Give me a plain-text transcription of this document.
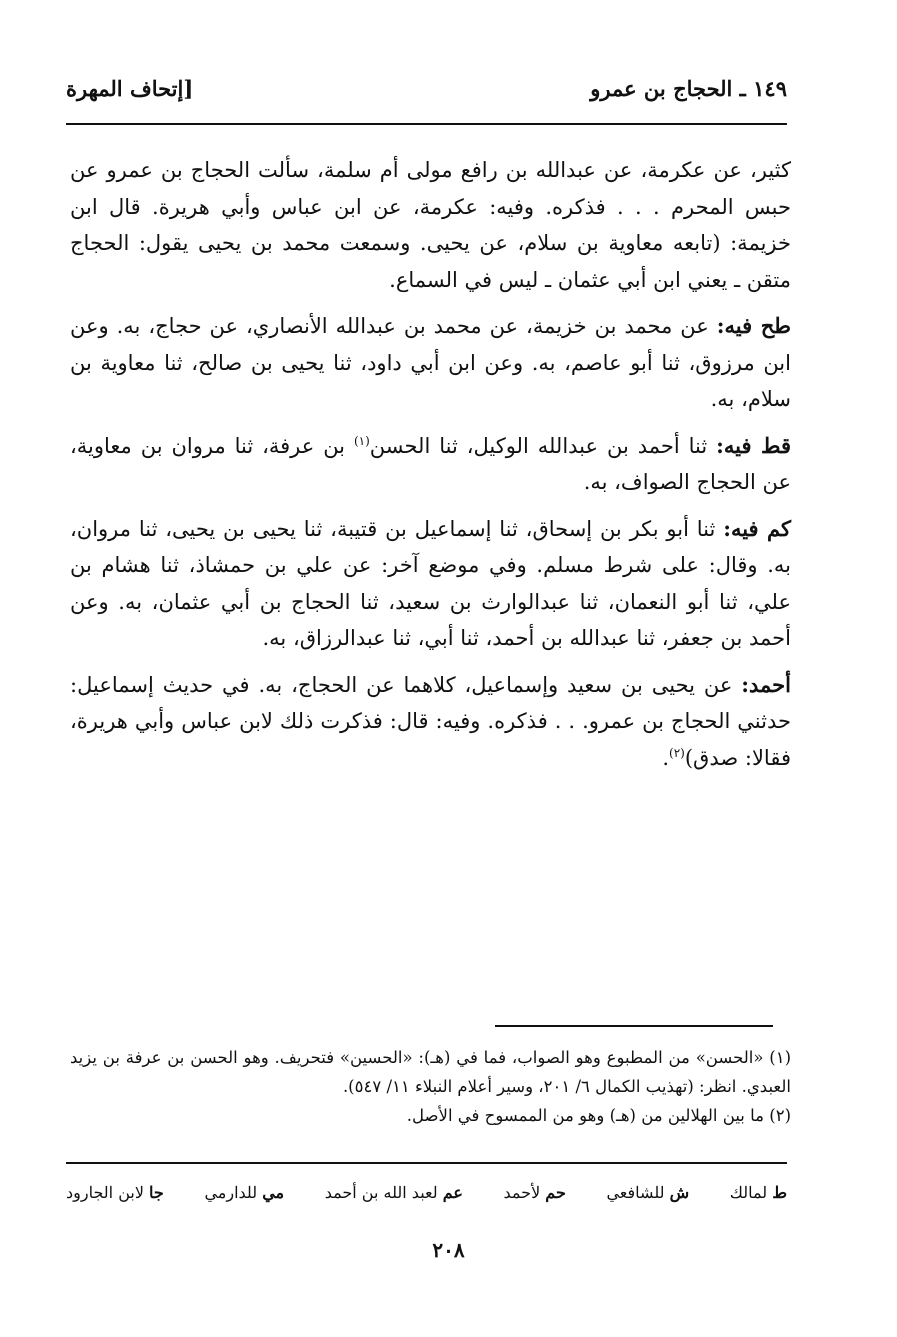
١٤٩ ـ الحجاج بن عمرو
[إتحاف المهرة

كثير، عن عكرمة، عن عبدالله بن رافع مولى أم سلمة، سألت الحجاج بن عمرو عن حبس المحرم . . . فذكره. وفيه: عكرمة، عن ابن عباس وأبي هريرة. قال ابن خزيمة: (تابعه معاوية بن سلام، عن يحيى. وسمعت محمد بن يحيى يقول: الحجاج متقن ـ يعني ابن أبي عثمان ـ ليس في السماع.

طح فيه: عن محمد بن خزيمة، عن محمد بن عبدالله الأنصاري، عن حجاج، به. وعن ابن مرزوق، ثنا أبو عاصم، به. وعن ابن أبي داود، ثنا يحيى بن صالح، ثنا معاوية بن سلام، به.

قط فيه: ثنا أحمد بن عبدالله الوكيل، ثنا الحسن$^{(١)}$ بن عرفة، ثنا مروان بن معاوية، عن الحجاج الصواف، به.

كم فيه: ثنا أبو بكر بن إسحاق، ثنا إسماعيل بن قتيبة، ثنا يحيى بن يحيى، ثنا مروان، به. وقال: على شرط مسلم. وفي موضع آخر: عن علي بن حمشاذ، ثنا هشام بن علي، ثنا أبو النعمان، ثنا عبدالوارث بن سعيد، ثنا الحجاج بن أبي عثمان، به. وعن أحمد بن جعفر، ثنا عبدالله بن أحمد، ثنا أبي، ثنا عبدالرزاق، به.

أحمد: عن يحيى بن سعيد وإسماعيل، كلاهما عن الحجاج، به. في حديث إسماعيل: حدثني الحجاج بن عمرو. . . فذكره. وفيه: قال: فذكرت ذلك لابن عباس وأبي هريرة، فقالا: صدق)$^{(٢)}$.

(١) «الحسن» من المطبوع وهو الصواب، فما في (هـ): «الحسين» فتحريف. وهو الحسن بن عرفة بن يزيد العبدي. انظر: (تهذيب الكمال ٦/ ٢٠١، وسير أعلام النبلاء ١١/ ٥٤٧).

(٢) ما بين الهلالين من (هـ) وهو من الممسوح في الأصل.

ط لمالك
ش للشافعي
حم لأحمد
عم لعبد الله بن أحمد
مي للدارمي
جا لابن الجارود
٢٠٨
